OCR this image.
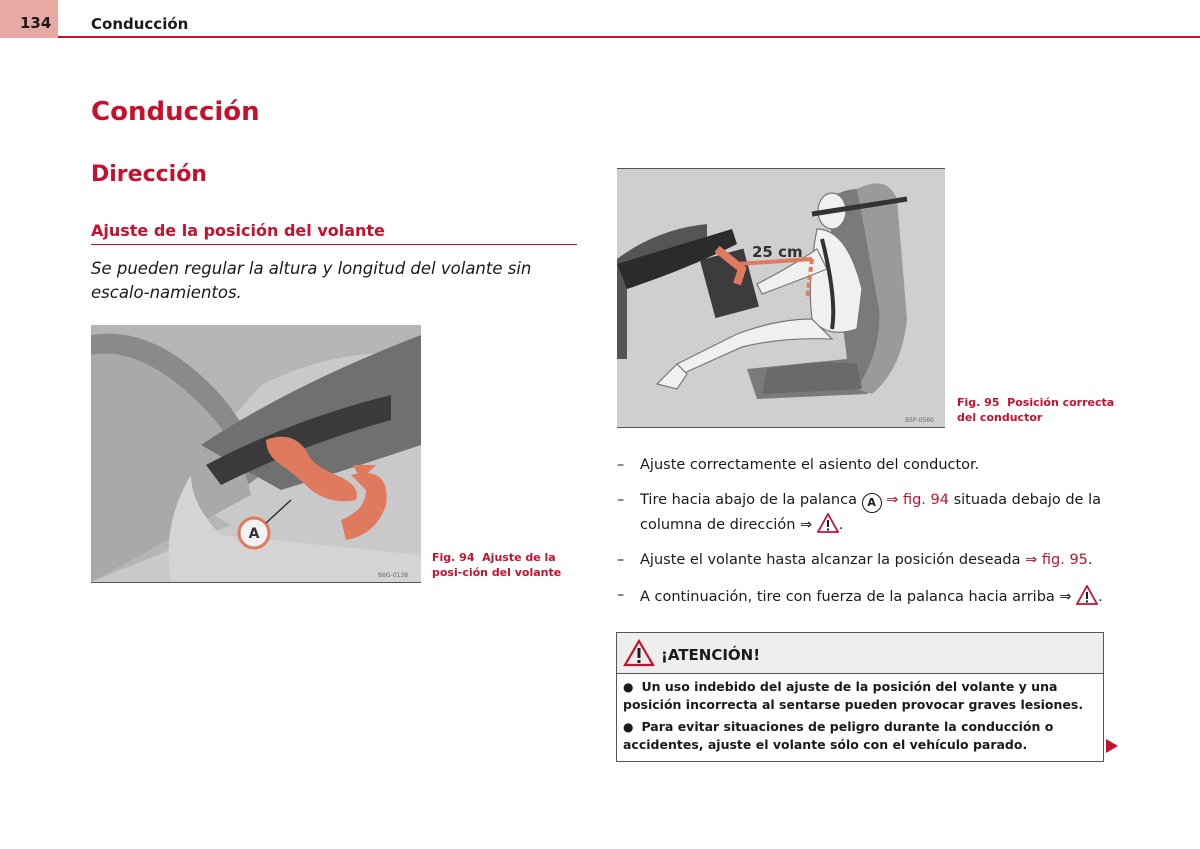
134	Conducción
Conducción
Dirección
Ajuste de la posición del volante
Se pueden regular la altura y longitud del volante sin escalo-namientos.
A
B6G-0138
Fig. 94 Ajuste de la posi-ción del volante
25 cm
B5P-0560
Fig. 95 Posición correcta del conductor
– Ajuste correctamente el asiento del conductor.
– Tire hacia abajo de la palanca A ⇒ fig. 94 situada debajo de la columna de dirección ⇒ .
– Ajuste el volante hasta alcanzar la posición deseada ⇒ fig. 95.
– A continuación, tire con fuerza de la palanca hacia arriba ⇒ .
¡ATENCIÓN!
● Un uso indebido del ajuste de la posición del volante y una posición incorrecta al sentarse pueden provocar graves lesiones.
● Para evitar situaciones de peligro durante la conducción o accidentes, ajuste el volante sólo con el vehículo parado.
